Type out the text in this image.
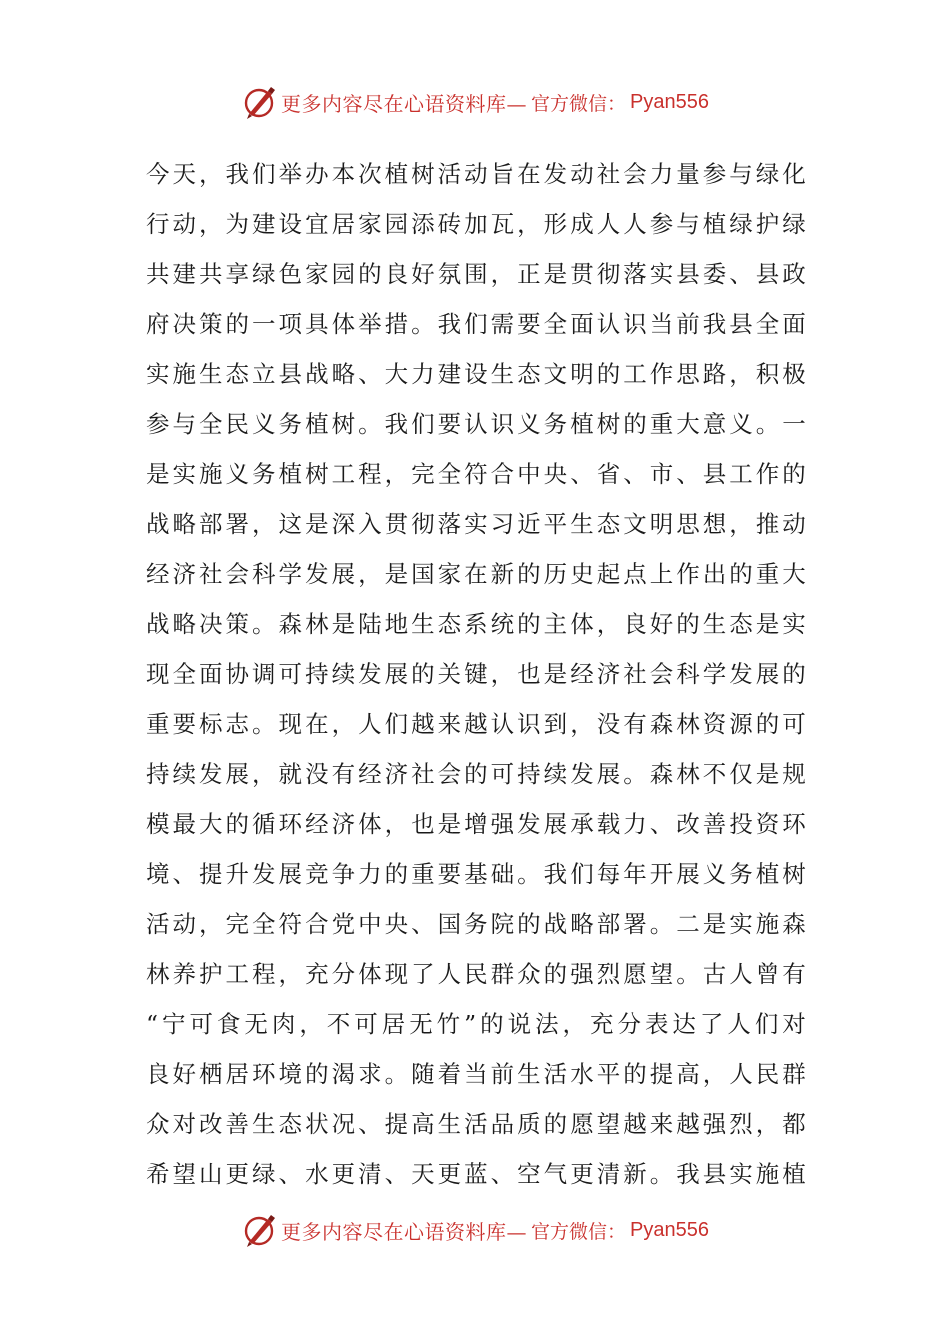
更多内容尽在心语资料库— 官方微信： Pyan556
今天，我们举办本次植树活动旨在发动社会力量参与绿化
行动，为建设宜居家园添砖加瓦，形成人人参与植绿护绿
共建共享绿色家园的良好氛围，正是贯彻落实县委、县政
府决策的一项具体举措。我们需要全面认识当前我县全面
实施生态立县战略、大力建设生态文明的工作思路，积极
参与全民义务植树。我们要认识义务植树的重大意义。一
是实施义务植树工程，完全符合中央、省、市、县工作的
战略部署，这是深入贯彻落实习近平生态文明思想，推动
经济社会科学发展，是国家在新的历史起点上作出的重大
战略决策。森林是陆地生态系统的主体，良好的生态是实
现全面协调可持续发展的关键，也是经济社会科学发展的
重要标志。现在，人们越来越认识到，没有森林资源的可
持续发展，就没有经济社会的可持续发展。森林不仅是规
模最大的循环经济体，也是增强发展承载力、改善投资环
境、提升发展竞争力的重要基础。我们每年开展义务植树
活动，完全符合党中央、国务院的战略部署。二是实施森
林养护工程，充分体现了人民群众的强烈愿望。古人曾有
“宁可食无肉，不可居无竹”的说法，充分表达了人们对
良好栖居环境的渴求。随着当前生活水平的提高，人民群
众对改善生态状况、提高生活品质的愿望越来越强烈，都
希望山更绿、水更清、天更蓝、空气更清新。我县实施植
更多内容尽在心语资料库— 官方微信： Pyan556
